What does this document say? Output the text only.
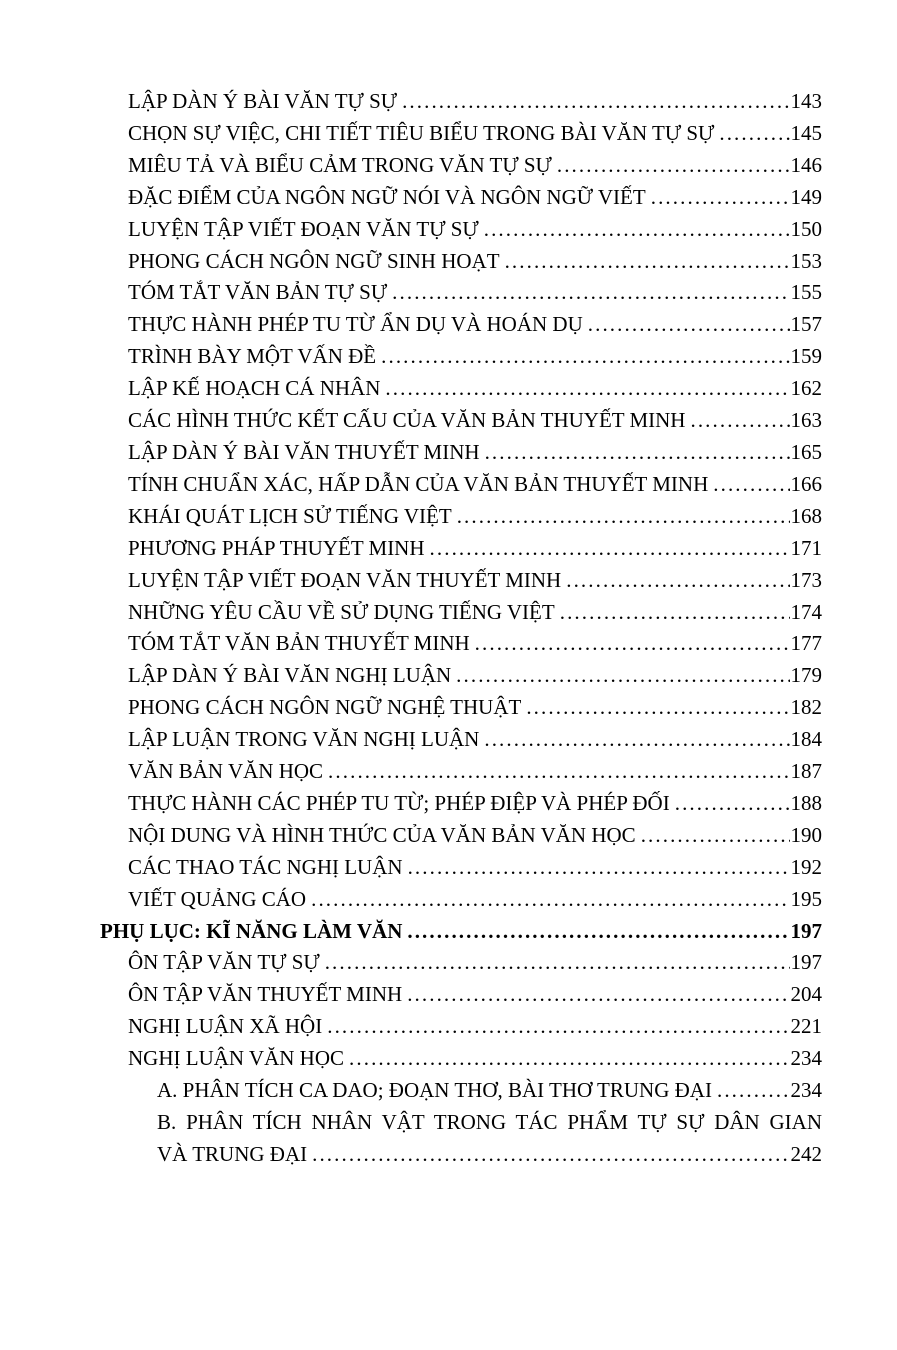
LẬP DÀN Ý BÀI VĂN TỰ SỰ .....	143
CHỌN SỰ VIỆC, CHI TIẾT TIÊU BIỂU TRONG BÀI VĂN TỰ SỰ .....	145
MIÊU TẢ VÀ BIỂU CẢM TRONG VĂN TỰ SỰ .....	146
ĐẶC ĐIỂM CỦA NGÔN NGỮ NÓI VÀ NGÔN NGỮ VIẾT .....	149
LUYỆN TẬP VIẾT ĐOẠN VĂN TỰ SỰ .....	150
PHONG CÁCH NGÔN NGỮ SINH HOẠT .....	153
TÓM TẮT VĂN BẢN TỰ SỰ .....	155
THỰC HÀNH PHÉP TU TỪ ẨN DỤ VÀ HOÁN DỤ .....	157
TRÌNH BÀY MỘT VẤN ĐỀ .....	159
LẬP KẾ HOẠCH CÁ NHÂN .....	162
CÁC HÌNH THỨC KẾT CẤU CỦA VĂN BẢN THUYẾT MINH .....	163
LẬP DÀN Ý BÀI VĂN THUYẾT MINH .....	165
TÍNH CHUẨN XÁC, HẤP DẪN CỦA VĂN BẢN THUYẾT MINH .....	166
KHÁI QUÁT LỊCH SỬ TIẾNG VIỆT .....	168
PHƯƠNG PHÁP THUYẾT MINH .....	171
LUYỆN TẬP VIẾT ĐOẠN VĂN THUYẾT MINH .....	173
NHỮNG YÊU CẦU VỀ SỬ DỤNG TIẾNG VIỆT .....	174
TÓM TẮT VĂN BẢN THUYẾT MINH .....	177
LẬP DÀN Ý BÀI VĂN NGHỊ LUẬN .....	179
PHONG CÁCH NGÔN NGỮ NGHỆ THUẬT .....	182
LẬP LUẬN TRONG VĂN NGHỊ LUẬN .....	184
VĂN BẢN VĂN HỌC .....	187
THỰC HÀNH CÁC PHÉP TU TỪ; PHÉP ĐIỆP VÀ PHÉP ĐỐI .....	188
NỘI DUNG VÀ HÌNH THỨC CỦA VĂN BẢN VĂN HỌC .....	190
CÁC THAO TÁC NGHỊ LUẬN .....	192
VIẾT QUẢNG CÁO .....	195
PHỤ LỤC: KĨ NĂNG LÀM VĂN .....	197
ÔN TẬP VĂN TỰ SỰ .....	197
ÔN TẬP VĂN THUYẾT MINH .....	204
NGHỊ LUẬN XÃ HỘI .....	221
NGHỊ LUẬN VĂN HỌC .....	234
A. PHÂN TÍCH CA DAO; ĐOẠN THƠ, BÀI THƠ TRUNG ĐẠI .....	234
B. PHÂN TÍCH NHÂN VẬT TRONG TÁC PHẨM TỰ SỰ DÂN GIAN
VÀ TRUNG ĐẠI .....	242
